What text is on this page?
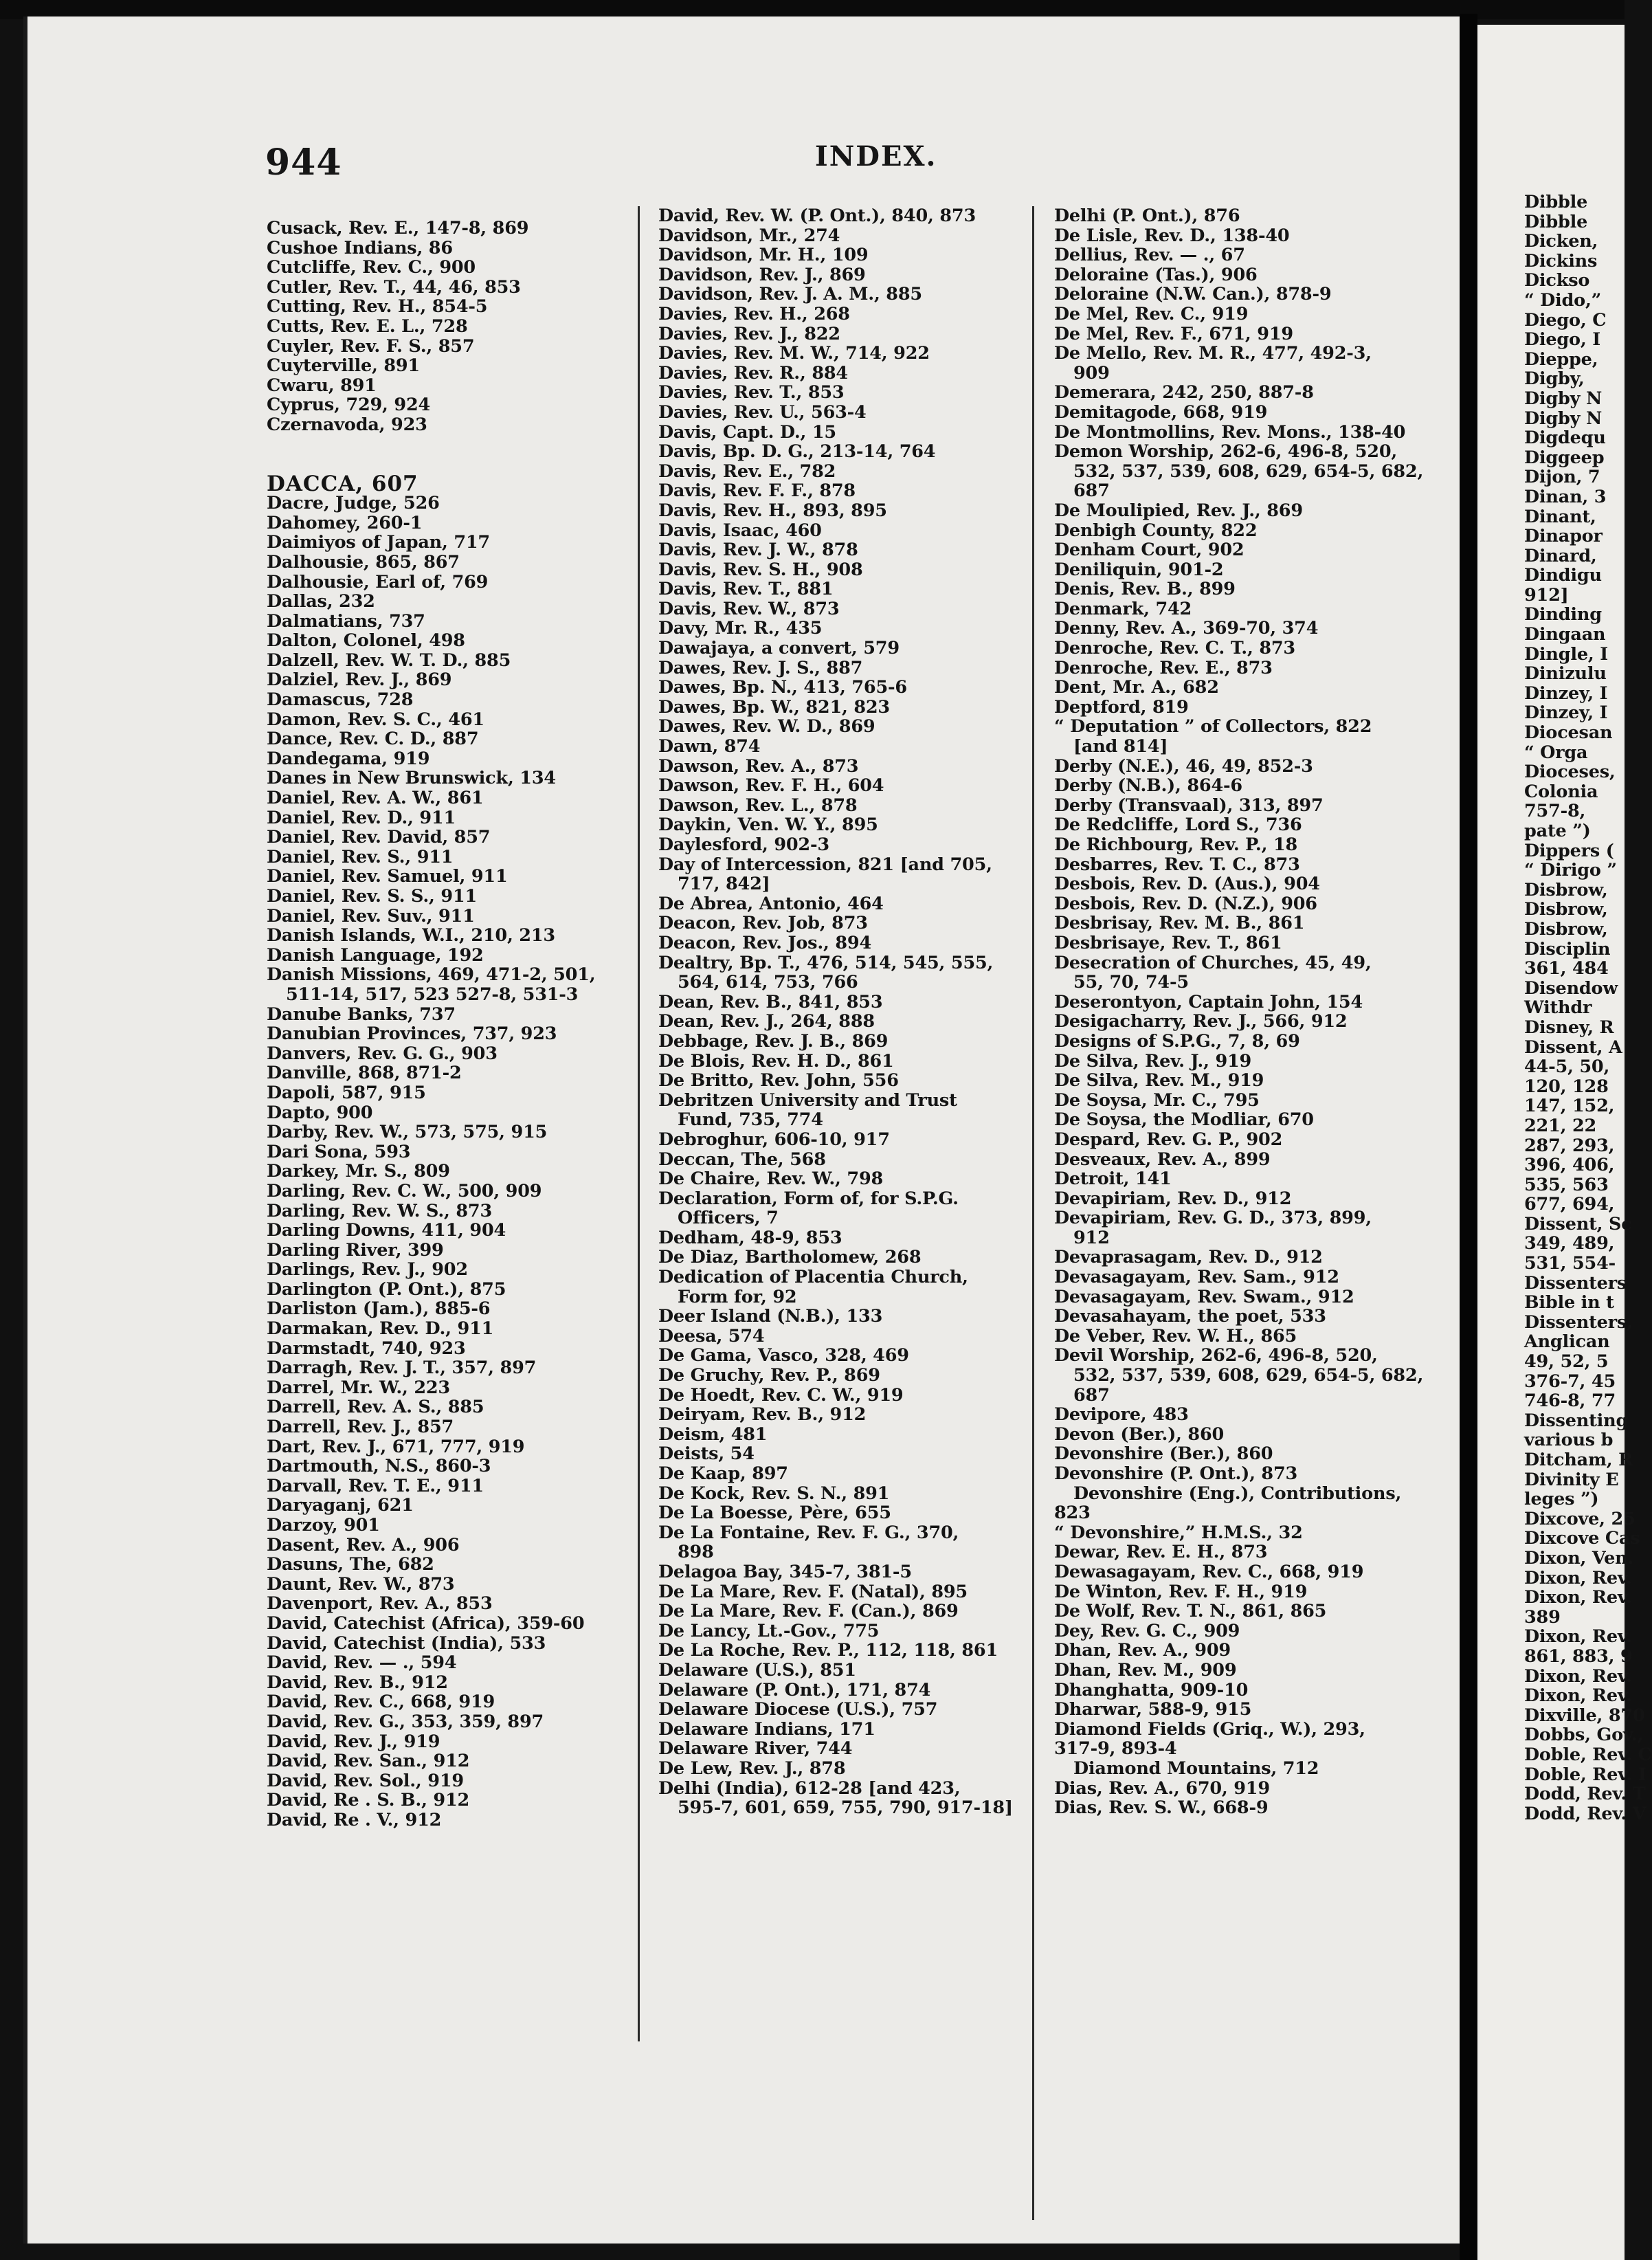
944	INDEX.
Cusack, Rev. E., 147-8, 869
Cushoe Indians, 86
Cutcliffe, Rev. C., 900
Cutler, Rev. T., 44, 46, 853
Cutting, Rev. H., 854-5
Cutts, Rev. E. L., 728
Cuyler, Rev. F. S., 857
Cuyterville, 891
Cwaru, 891
Cyprus, 729, 924
Czernavoda, 923
DACCA, 607
Dacre, Judge, 526
Dahomey, 260-1
Daimiyos of Japan, 717
Dalhousie, 865, 867
Dalhousie, Earl of, 769
Dallas, 232
Dalmatians, 737
Dalton, Colonel, 498
Dalzell, Rev. W. T. D., 885
Dalziel, Rev. J., 869
Damascus, 728
Damon, Rev. S. C., 461
Dance, Rev. C. D., 887
Dandegama, 919
Danes in New Brunswick, 134
Daniel, Rev. A. W., 861
Daniel, Rev. D., 911
Daniel, Rev. David, 857
Daniel, Rev. S., 911
Daniel, Rev. Samuel, 911
Daniel, Rev. S. S., 911
Daniel, Rev. Suv., 911
Danish Islands, W.I., 210, 213
Danish Language, 192
Danish Missions, 469, 471-2, 501,
511-14, 517, 523 527-8, 531-3
Danube Banks, 737
Danubian Provinces, 737, 923
Danvers, Rev. G. G., 903
Danville, 868, 871-2
Dapoli, 587, 915
Dapto, 900
Darby, Rev. W., 573, 575, 915
Dari Sona, 593
Darkey, Mr. S., 809
Darling, Rev. C. W., 500, 909
Darling, Rev. W. S., 873
Darling Downs, 411, 904
Darling River, 399
Darlings, Rev. J., 902
Darlington (P. Ont.), 875
Darliston (Jam.), 885-6
Darmakan, Rev. D., 911
Darmstadt, 740, 923
Darragh, Rev. J. T., 357, 897
Darrel, Mr. W., 223
Darrell, Rev. A. S., 885
Darrell, Rev. J., 857
Dart, Rev. J., 671, 777, 919
Dartmouth, N.S., 860-3
Darvall, Rev. T. E., 911
Daryaganj, 621
Darzoy, 901
Dasent, Rev. A., 906
Dasuns, The, 682
Daunt, Rev. W., 873
Davenport, Rev. A., 853
David, Catechist (Africa), 359-60
David, Catechist (India), 533
David, Rev. — ., 594
David, Rev. B., 912
David, Rev. C., 668, 919
David, Rev. G., 353, 359, 897
David, Rev. J., 919
David, Rev. San., 912
David, Rev. Sol., 919
David, Re . S. B., 912
David, Re . V., 912
David, Rev. W. (P. Ont.), 840, 873
Davidson, Mr., 274
Davidson, Mr. H., 109
Davidson, Rev. J., 869
Davidson, Rev. J. A. M., 885
Davies, Rev. H., 268
Davies, Rev. J., 822
Davies, Rev. M. W., 714, 922
Davies, Rev. R., 884
Davies, Rev. T., 853
Davies, Rev. U., 563-4
Davis, Capt. D., 15
Davis, Bp. D. G., 213-14, 764
Davis, Rev. E., 782
Davis, Rev. F. F., 878
Davis, Rev. H., 893, 895
Davis, Isaac, 460
Davis, Rev. J. W., 878
Davis, Rev. S. H., 908
Davis, Rev. T., 881
Davis, Rev. W., 873
Davy, Mr. R., 435
Dawajaya, a convert, 579
Dawes, Rev. J. S., 887
Dawes, Bp. N., 413, 765-6
Dawes, Bp. W., 821, 823
Dawes, Rev. W. D., 869
Dawn, 874
Dawson, Rev. A., 873
Dawson, Rev. F. H., 604
Dawson, Rev. L., 878
Daykin, Ven. W. Y., 895
Daylesford, 902-3
Day of Intercession, 821 [and 705,
717, 842]
De Abrea, Antonio, 464
Deacon, Rev. Job, 873
Deacon, Rev. Jos., 894
Dealtry, Bp. T., 476, 514, 545, 555,
564, 614, 753, 766
Dean, Rev. B., 841, 853
Dean, Rev. J., 264, 888
Debbage, Rev. J. B., 869
De Blois, Rev. H. D., 861
De Britto, Rev. John, 556
Debritzen University and Trust
Fund, 735, 774
Debroghur, 606-10, 917
Deccan, The, 568
De Chaire, Rev. W., 798
Declaration, Form of, for S.P.G.
Officers, 7
Dedham, 48-9, 853
De Diaz, Bartholomew, 268
Dedication of Placentia Church,
Form for, 92
Deer Island (N.B.), 133
Deesa, 574
De Gama, Vasco, 328, 469
De Gruchy, Rev. P., 869
De Hoedt, Rev. C. W., 919
Deiryam, Rev. B., 912
Deism, 481
Deists, 54
De Kaap, 897
De Kock, Rev. S. N., 891
De La Boesse, Père, 655
De La Fontaine, Rev. F. G., 370,
898
Delagoa Bay, 345-7, 381-5
De La Mare, Rev. F. (Natal), 895
De La Mare, Rev. F. (Can.), 869
De Lancy, Lt.-Gov., 775
De La Roche, Rev. P., 112, 118, 861
Delaware (U.S.), 851
Delaware (P. Ont.), 171, 874
Delaware Diocese (U.S.), 757
Delaware Indians, 171
Delaware River, 744
De Lew, Rev. J., 878
Delhi (India), 612-28 [and 423,
595-7, 601, 659, 755, 790, 917-18]
Delhi (P. Ont.), 876
De Lisle, Rev. D., 138-40
Dellius, Rev. — ., 67
Deloraine (Tas.), 906
Deloraine (N.W. Can.), 878-9
De Mel, Rev. C., 919
De Mel, Rev. F., 671, 919
De Mello, Rev. M. R., 477, 492-3,
909
Demerara, 242, 250, 887-8
Demitagode, 668, 919
De Montmollins, Rev. Mons., 138-40
Demon Worship, 262-6, 496-8, 520,
532, 537, 539, 608, 629, 654-5, 682,
687
De Moulipied, Rev. J., 869
Denbigh County, 822
Denham Court, 902
Deniliquin, 901-2
Denis, Rev. B., 899
Denmark, 742
Denny, Rev. A., 369-70, 374
Denroche, Rev. C. T., 873
Denroche, Rev. E., 873
Dent, Mr. A., 682
Deptford, 819
“ Deputation ” of Collectors, 822
[and 814]
Derby (N.E.), 46, 49, 852-3
Derby (N.B.), 864-6
Derby (Transvaal), 313, 897
De Redcliffe, Lord S., 736
De Richbourg, Rev. P., 18
Desbarres, Rev. T. C., 873
Desbois, Rev. D. (Aus.), 904
Desbois, Rev. D. (N.Z.), 906
Desbrisay, Rev. M. B., 861
Desbrisaye, Rev. T., 861
Desecration of Churches, 45, 49,
55, 70, 74-5
Deserontyon, Captain John, 154
Desigacharry, Rev. J., 566, 912
Designs of S.P.G., 7, 8, 69
De Silva, Rev. J., 919
De Silva, Rev. M., 919
De Soysa, Mr. C., 795
De Soysa, the Modliar, 670
Despard, Rev. G. P., 902
Desveaux, Rev. A., 899
Detroit, 141
Devapiriam, Rev. D., 912
Devapiriam, Rev. G. D., 373, 899,
912
Devaprasagam, Rev. D., 912
Devasagayam, Rev. Sam., 912
Devasagayam, Rev. Swam., 912
Devasahayam, the poet, 533
De Veber, Rev. W. H., 865
Devil Worship, 262-6, 496-8, 520,
532, 537, 539, 608, 629, 654-5, 682,
687
Devipore, 483
Devon (Ber.), 860
Devonshire (Ber.), 860
Devonshire (P. Ont.), 873
Devonshire (Eng.), Contributions,
823
“ Devonshire,” H.M.S., 32
Dewar, Rev. E. H., 873
Dewasagayam, Rev. C., 668, 919
De Winton, Rev. F. H., 919
De Wolf, Rev. T. N., 861, 865
Dey, Rev. G. C., 909
Dhan, Rev. A., 909
Dhan, Rev. M., 909
Dhanghatta, 909-10
Dharwar, 588-9, 915
Diamond Fields (Griq., W.), 293,
317-9, 893-4
Diamond Mountains, 712
Dias, Rev. A., 670, 919
Dias, Rev. S. W., 668-9
Dibble
Dibble
Dicken,
Dickins
Dickso
“ Dido,”
Diego, C
Diego, I
Dieppe,
Digby,
Digby N
Digby N
Digdequ
Diggeep
Dijon, 7
Dinan, 3
Dinant,
Dinapor
Dinard,
Dindigu
912]
Dinding
Dingaan
Dingle, I
Dinizulu
Dinzey, I
Dinzey, I
Diocesan
“ Orga
Dioceses,
Colonia
757-8,
pate ”)
Dippers (
“ Dirigo ”
Disbrow,
Disbrow,
Disbrow,
Disciplin
361, 484
Disendow
Withdr
Disney, R
Dissent, A
44-5, 50,
120, 128
147, 152,
221, 22
287, 293,
396, 406,
535, 563
677, 694,
Dissent, Sc
349, 489,
531, 554-
Dissenters
Bible in t
Dissenters,
Anglican
49, 52, 5
376-7, 45
746-8, 77
Dissenting
various b
Ditcham, R
Divinity E
leges ”)
Dixcove, 25
Dixcove Cas
Dixon, Ven.
Dixon, Rev.
Dixon, Rev.
389
Dixon, Rev.
861, 883, 9
Dixon, Rev.
Dixon, Rev.
Dixville, 870
Dobbs, Gov.,
Doble, Rev. C
Doble, Rev. I
Dodd, Rev. T
Dodd, Rev. V
